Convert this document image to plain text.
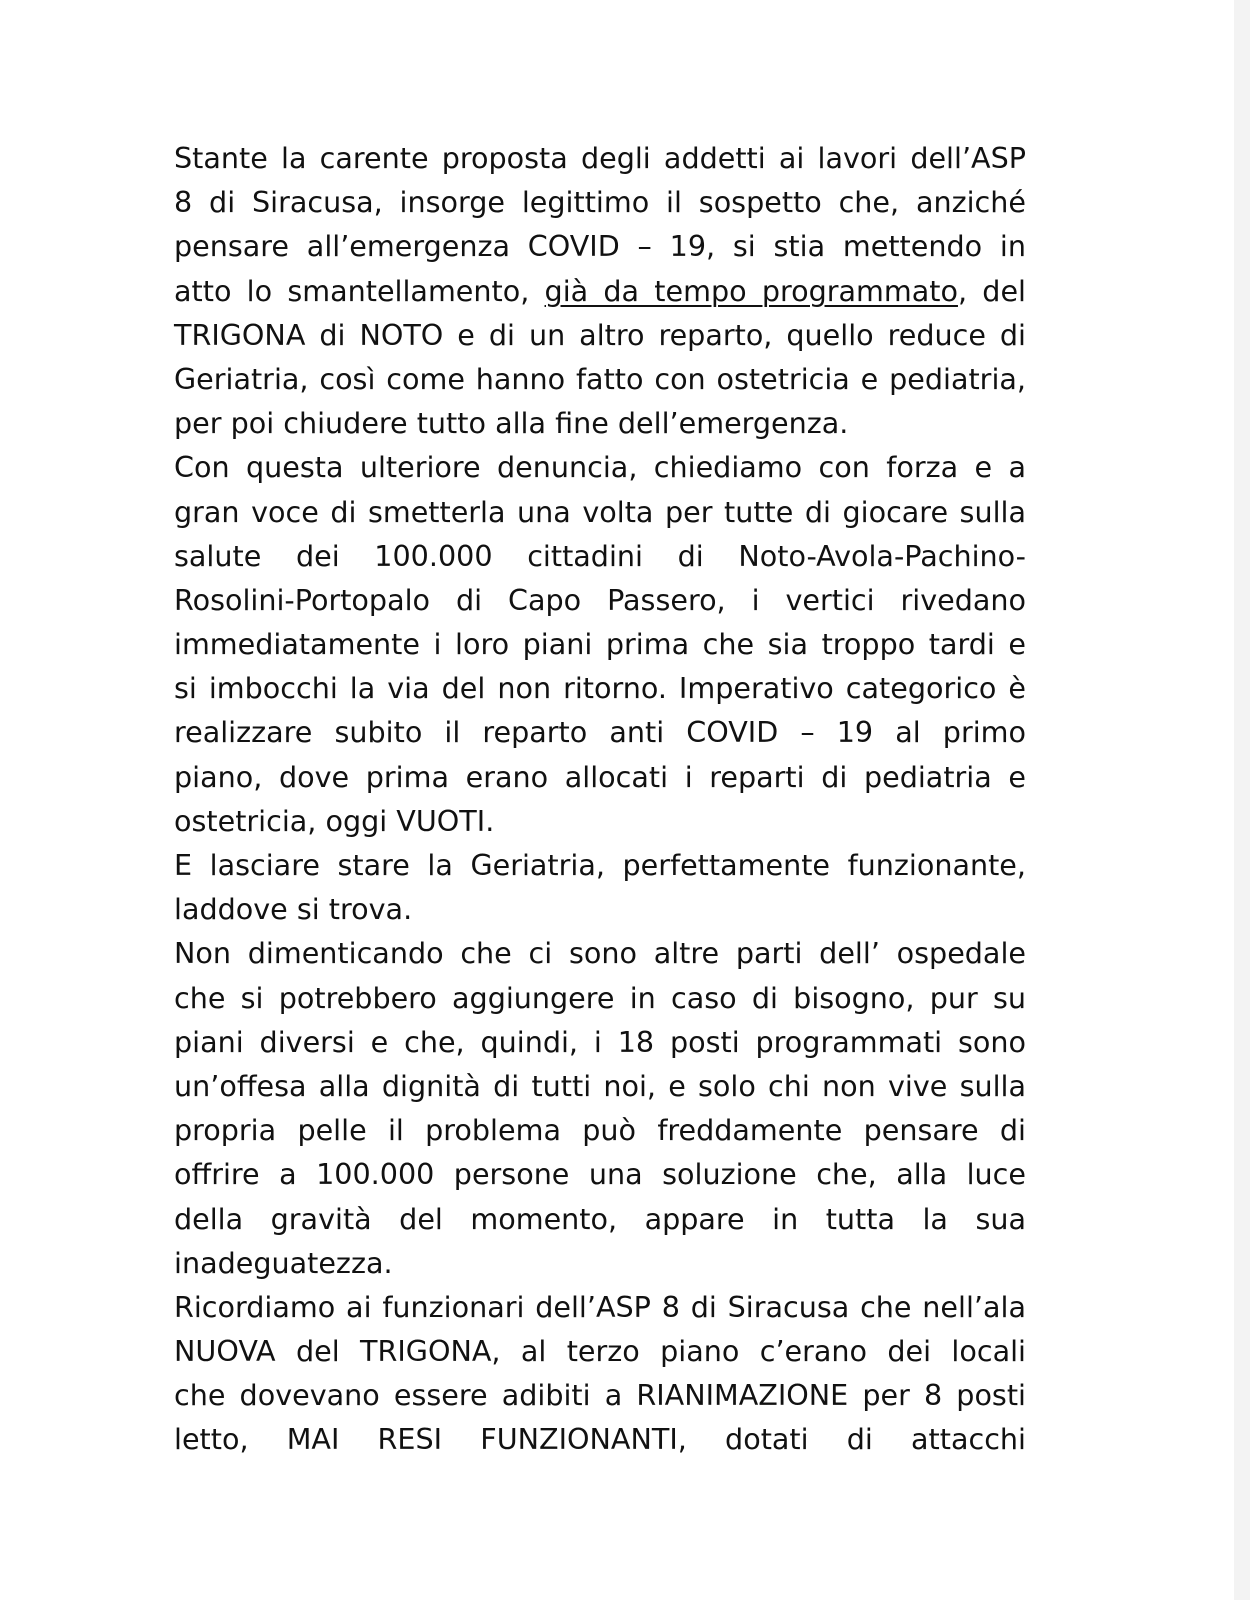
Stante la carente proposta degli addetti ai lavori dell’ASP
8 di Siracusa, insorge legittimo il sospetto che, anziché
pensare all’emergenza COVID – 19, si stia mettendo in
atto lo smantellamento, già da tempo programmato, del
TRIGONA di NOTO e di un altro reparto, quello reduce di
Geriatria, così come hanno fatto con ostetricia e pediatria,
per poi chiudere tutto alla fine dell’emergenza.
Con questa ulteriore denuncia, chiediamo con forza e a
gran voce di smetterla una volta per tutte di giocare sulla
salute dei 100.000 cittadini di Noto-Avola-Pachino-
Rosolini-Portopalo di Capo Passero, i vertici rivedano
immediatamente i loro piani prima che sia troppo tardi e
si imbocchi la via del non ritorno. Imperativo categorico è
realizzare subito il reparto anti COVID – 19 al primo
piano, dove prima erano allocati i reparti di pediatria e
ostetricia, oggi VUOTI.
E lasciare stare la Geriatria, perfettamente funzionante,
laddove si trova.
Non dimenticando che ci sono altre parti dell’ ospedale
che si potrebbero aggiungere in caso di bisogno, pur su
piani diversi e che, quindi, i 18 posti programmati sono
un’offesa alla dignità di tutti noi, e solo chi non vive sulla
propria pelle il problema può freddamente pensare di
offrire a 100.000 persone una soluzione che, alla luce
della gravità del momento, appare in tutta la sua
inadeguatezza.
Ricordiamo ai funzionari dell’ASP 8 di Siracusa che nell’ala
NUOVA del TRIGONA, al terzo piano c’erano dei locali
che dovevano essere adibiti a RIANIMAZIONE per 8 posti
letto, MAI RESI FUNZIONANTI, dotati di attacchi
